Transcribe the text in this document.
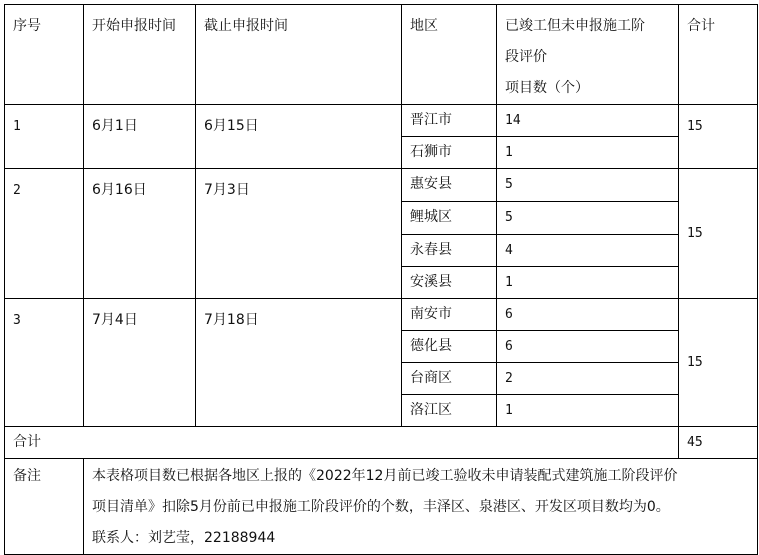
序号	开始申报时间	截止申报时间	地区	已竣工但未申报施工阶
段评价
项目数（个）	合计
1	6月1日	6月15日	晋江市	14	15
			石狮市	1	
2	6月16日	7月3日	惠安县	5	15
			鲤城区	5	
			永春县	4	
			安溪县	1	
3	7月4日	7月18日	南安市	6	15
			德化县	6	
			台商区	2	
			洛江区	1	
合计					45
备注	本表格项目数已根据各地区上报的《2022年12月前已竣工验收未申请装配式建筑施工阶段评价
项目清单》扣除5月份前已申报施工阶段评价的个数，丰泽区、泉港区、开发区项目数均为0。
联系人：刘艺莹，22188944				
